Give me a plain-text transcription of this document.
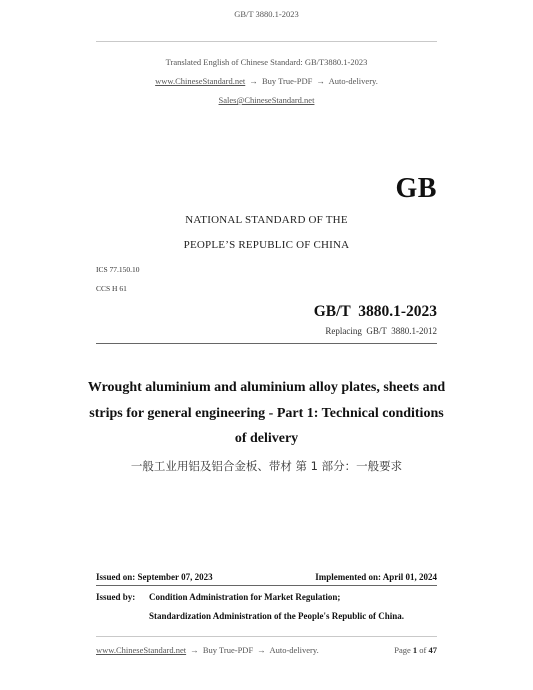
GB/T 3880.1-2023
Translated English of Chinese Standard: GB/T3880.1-2023
www.ChineseStandard.net → Buy True-PDF → Auto-delivery.
Sales@ChineseStandard.net
GB
NATIONAL STANDARD OF THE
PEOPLE’S REPUBLIC OF CHINA
ICS 77.150.10
CCS H 61
GB/T  3880.1-2023
Replacing  GB/T  3880.1-2012
Wrought aluminium and aluminium alloy plates, sheets and
strips for general engineering - Part 1: Technical conditions
of delivery
一般工业用铝及铝合金板、带材 第 1 部分：一般要求
Issued on: September 07, 2023	Implemented on: April 01, 2024
Issued by: Condition Administration for Market Regulation;
Standardization Administration of the People's Republic of China.
www.ChineseStandard.net → Buy True-PDF → Auto-delivery.	Page 1 of 47
